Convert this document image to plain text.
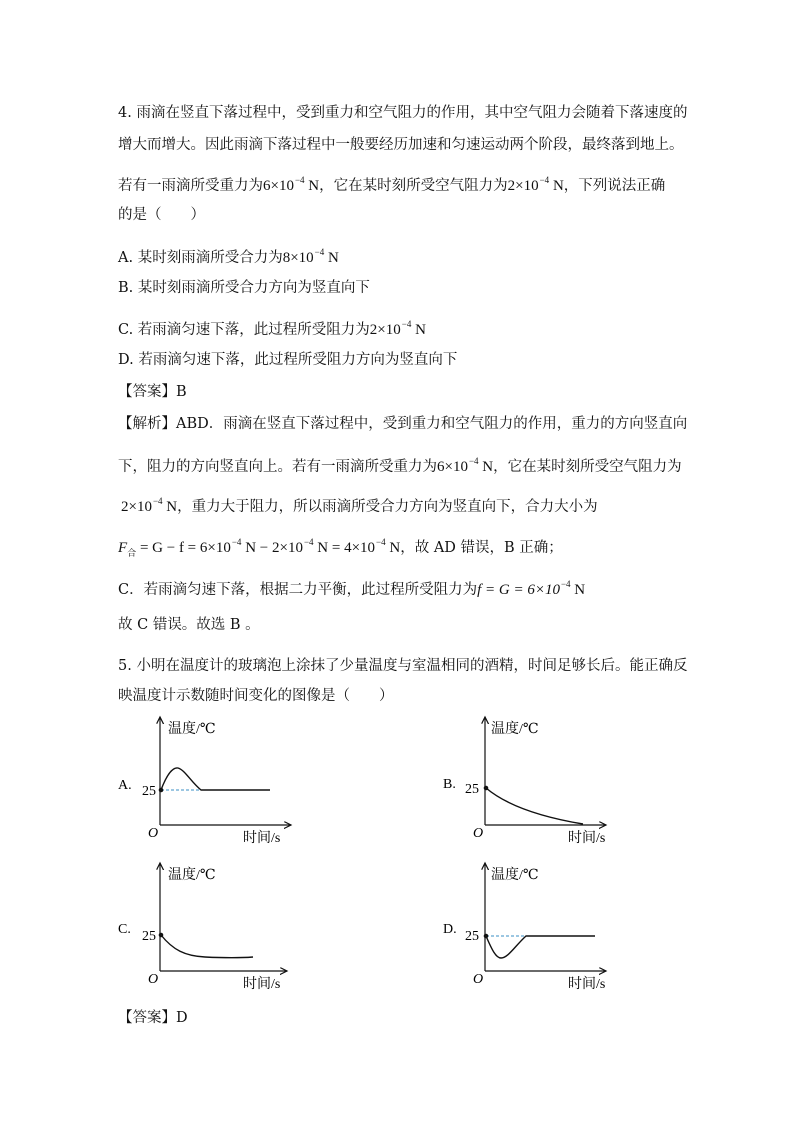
4. 雨滴在竖直下落过程中，受到重力和空气阻力的作用，其中空气阻力会随着下落速度的
增大而增大。因此雨滴下落过程中一般要经历加速和匀速运动两个阶段，最终落到地上。
若有一雨滴所受重力为$6\times 10^{-4}$ N，它在某时刻所受空气阻力为$2\times 10^{-4}$ N，下列说法正确
的是（　　）
A. 某时刻雨滴所受合力为$8\times 10^{-4}$ N
B. 某时刻雨滴所受合力方向为竖直向下
C. 若雨滴匀速下落，此过程所受阻力为$2\times 10^{-4}$ N
D. 若雨滴匀速下落，此过程所受阻力方向为竖直向下
【答案】B
【解析】ABD．雨滴在竖直下落过程中，受到重力和空气阻力的作用，重力的方向竖直向
下，阻力的方向竖直向上。若有一雨滴所受重力为$6\times 10^{-4}$ N，它在某时刻所受空气阻力为
$2\times 10^{-4}$ N，重力大于阻力，所以雨滴所受合力方向为竖直向下，合力大小为
$F_合 = G - f = 6\times 10^{-4}$ $N - 2\times 10^{-4}$ $N = 4\times 10^{-4}$ N，故 AD 错误，B 正确；
C．若雨滴匀速下落，根据二力平衡，此过程所受阻力为$f = G = 6\times 10^{-4}$ N
故 C 错误。故选 B 。
5. 小明在温度计的玻璃泡上涂抹了少量温度与室温相同的酒精，时间足够长后。能正确反
映温度计示数随时间变化的图像是（　　）
A.
温度/℃
时间/s
O
25	B.
温度/℃
时间/s
O
25
C.
温度/℃
时间/s
O
25	D.
温度/℃
时间/s
O
25
【答案】D
